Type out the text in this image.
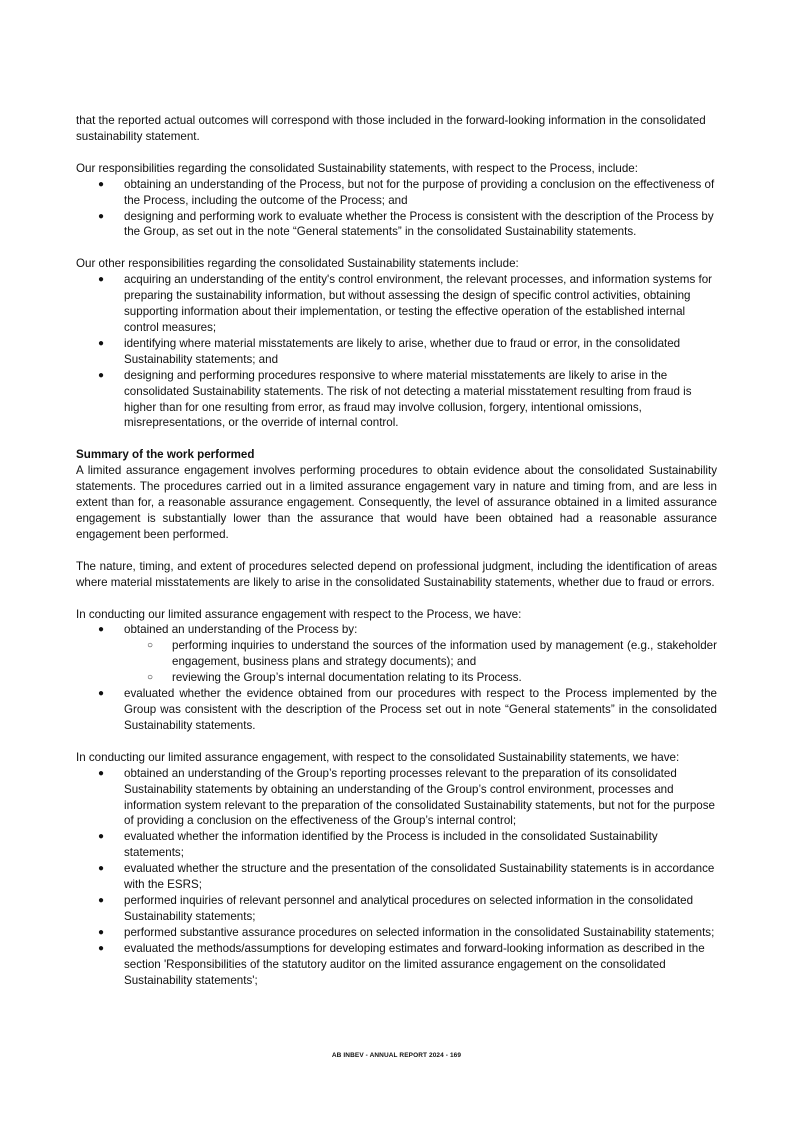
that the reported actual outcomes will correspond with those included in the forward-looking information in the consolidated sustainability statement.

Our responsibilities regarding the consolidated Sustainability statements, with respect to the Process, include:

● obtaining an understanding of the Process, but not for the purpose of providing a conclusion on the effectiveness of the Process, including the outcome of the Process; and
● designing and performing work to evaluate whether the Process is consistent with the description of the Process by the Group, as set out in the note “General statements” in the consolidated Sustainability statements.

Our other responsibilities regarding the consolidated Sustainability statements include:

● acquiring an understanding of the entity's control environment, the relevant processes, and information systems for preparing the sustainability information, but without assessing the design of specific control activities, obtaining supporting information about their implementation, or testing the effective operation of the established internal control measures;
● identifying where material misstatements are likely to arise, whether due to fraud or error, in the consolidated Sustainability statements; and
● designing and performing procedures responsive to where material misstatements are likely to arise in the consolidated Sustainability statements. The risk of not detecting a material misstatement resulting from fraud is higher than for one resulting from error, as fraud may involve collusion, forgery, intentional omissions, misrepresentations, or the override of internal control.

Summary of the work performed

A limited assurance engagement involves performing procedures to obtain evidence about the consolidated Sustainability statements. The procedures carried out in a limited assurance engagement vary in nature and timing from, and are less in extent than for, a reasonable assurance engagement. Consequently, the level of assurance obtained in a limited assurance engagement is substantially lower than the assurance that would have been obtained had a reasonable assurance engagement been performed.

The nature, timing, and extent of procedures selected depend on professional judgment, including the identification of areas where material misstatements are likely to arise in the consolidated Sustainability statements, whether due to fraud or errors.

In conducting our limited assurance engagement with respect to the Process, we have:

● obtained an understanding of the Process by:
○ performing inquiries to understand the sources of the information used by management (e.g., stakeholder engagement, business plans and strategy documents); and
○ reviewing the Group’s internal documentation relating to its Process.
● evaluated whether the evidence obtained from our procedures with respect to the Process implemented by the Group was consistent with the description of the Process set out in note “General statements” in the consolidated Sustainability statements.

In conducting our limited assurance engagement, with respect to the consolidated Sustainability statements, we have:

● obtained an understanding of the Group’s reporting processes relevant to the preparation of its consolidated Sustainability statements by obtaining an understanding of the Group’s control environment, processes and information system relevant to the preparation of the consolidated Sustainability statements, but not for the purpose of providing a conclusion on the effectiveness of the Group’s internal control;
● evaluated whether the information identified by the Process is included in the consolidated Sustainability statements;
● evaluated whether the structure and the presentation of the consolidated Sustainability statements is in accordance with the ESRS;
● performed inquiries of relevant personnel and analytical procedures on selected information in the consolidated Sustainability statements;
● performed substantive assurance procedures on selected information in the consolidated Sustainability statements;
● evaluated the methods/assumptions for developing estimates and forward-looking information as described in the section 'Responsibilities of the statutory auditor on the limited assurance engagement on the consolidated Sustainability statements';
AB INBEV - ANNUAL REPORT 2024 - 169
